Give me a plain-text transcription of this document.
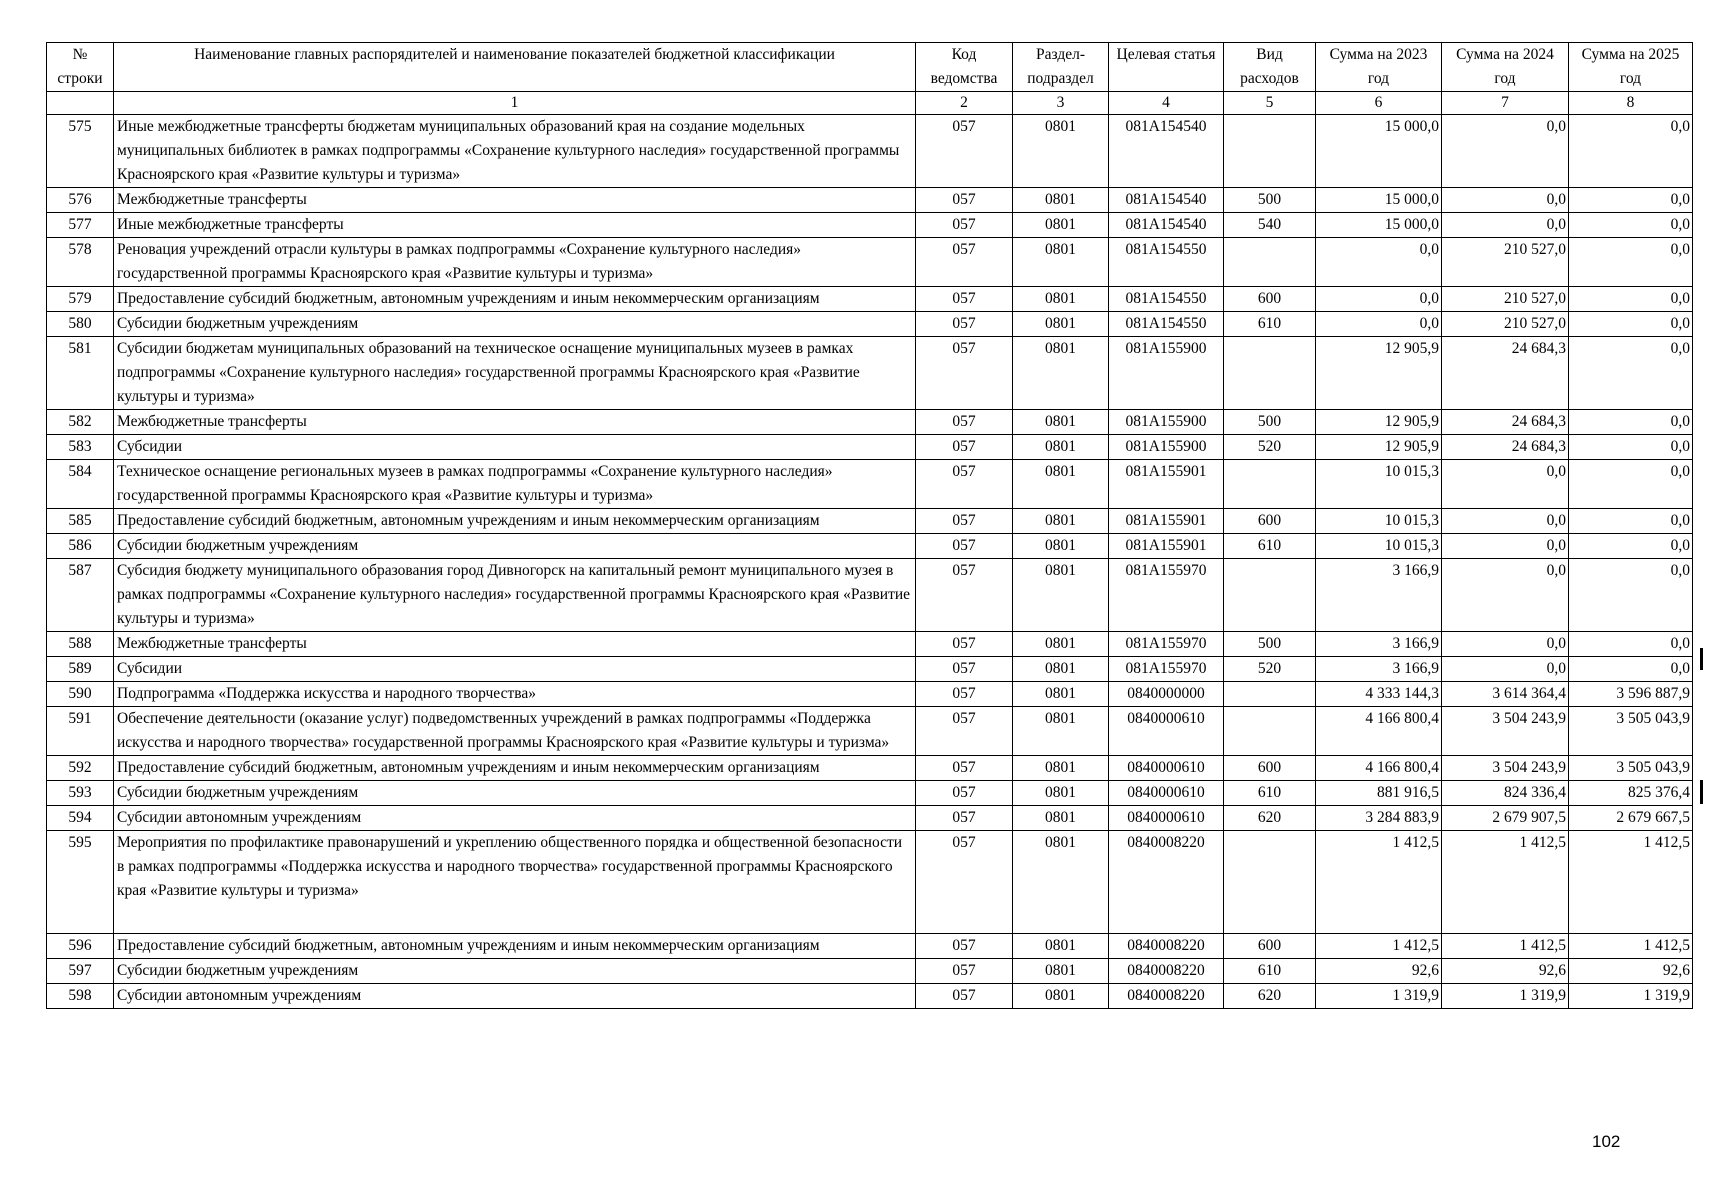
№ строки	Наименование главных распорядителей и наименование показателей бюджетной классификации	Код ведомства	Раздел-подраздел	Целевая статья	Вид расходов	Сумма на 2023 год	Сумма на 2024 год	Сумма на 2025 год
	1	2	3	4	5	6	7	8
575	Иные межбюджетные трансферты бюджетам муниципальных образований края на создание модельных муниципальных библиотек в рамках подпрограммы «Сохранение культурного наследия» государственной программы Красноярского края «Развитие культуры и туризма»	057	0801	081A154540		15 000,0	0,0	0,0
576	Межбюджетные трансферты	057	0801	081A154540	500	15 000,0	0,0	0,0
577	Иные межбюджетные трансферты	057	0801	081A154540	540	15 000,0	0,0	0,0
578	Реновация учреждений отрасли культуры в рамках подпрограммы «Сохранение культурного наследия» государственной программы Красноярского края «Развитие культуры и туризма»	057	0801	081A154550		0,0	210 527,0	0,0
579	Предоставление субсидий бюджетным, автономным учреждениям и иным некоммерческим организациям	057	0801	081A154550	600	0,0	210 527,0	0,0
580	Субсидии бюджетным учреждениям	057	0801	081A154550	610	0,0	210 527,0	0,0
581	Субсидии бюджетам муниципальных образований на техническое оснащение муниципальных музеев в рамках подпрограммы «Сохранение культурного наследия» государственной программы Красноярского края «Развитие культуры и туризма»	057	0801	081A155900		12 905,9	24 684,3	0,0
582	Межбюджетные трансферты	057	0801	081A155900	500	12 905,9	24 684,3	0,0
583	Субсидии	057	0801	081A155900	520	12 905,9	24 684,3	0,0
584	Техническое оснащение региональных музеев в рамках подпрограммы «Сохранение культурного наследия» государственной программы Красноярского края «Развитие культуры и туризма»	057	0801	081A155901		10 015,3	0,0	0,0
585	Предоставление субсидий бюджетным, автономным учреждениям и иным некоммерческим организациям	057	0801	081A155901	600	10 015,3	0,0	0,0
586	Субсидии бюджетным учреждениям	057	0801	081A155901	610	10 015,3	0,0	0,0
587	Субсидия бюджету муниципального образования город Дивногорск на капитальный ремонт муниципального музея в рамках подпрограммы «Сохранение культурного наследия» государственной программы Красноярского края «Развитие культуры и туризма»	057	0801	081A155970		3 166,9	0,0	0,0
588	Межбюджетные трансферты	057	0801	081A155970	500	3 166,9	0,0	0,0
589	Субсидии	057	0801	081A155970	520	3 166,9	0,0	0,0
590	Подпрограмма «Поддержка искусства и народного творчества»	057	0801	0840000000		4 333 144,3	3 614 364,4	3 596 887,9
591	Обеспечение деятельности (оказание услуг) подведомственных учреждений в рамках подпрограммы «Поддержка искусства и народного творчества» государственной программы Красноярского края «Развитие культуры и туризма»	057	0801	0840000610		4 166 800,4	3 504 243,9	3 505 043,9
592	Предоставление субсидий бюджетным, автономным учреждениям и иным некоммерческим организациям	057	0801	0840000610	600	4 166 800,4	3 504 243,9	3 505 043,9
593	Субсидии бюджетным учреждениям	057	0801	0840000610	610	881 916,5	824 336,4	825 376,4
594	Субсидии автономным учреждениям	057	0801	0840000610	620	3 284 883,9	2 679 907,5	2 679 667,5
595	Мероприятия по профилактике правонарушений и укреплению общественного порядка и общественной безопасности в рамках подпрограммы «Поддержка искусства и народного творчества» государственной программы Красноярского края «Развитие культуры и туризма»	057	0801	0840008220		1 412,5	1 412,5	1 412,5
596	Предоставление субсидий бюджетным, автономным учреждениям и иным некоммерческим организациям	057	0801	0840008220	600	1 412,5	1 412,5	1 412,5
597	Субсидии бюджетным учреждениям	057	0801	0840008220	610	92,6	92,6	92,6
598	Субсидии автономным учреждениям	057	0801	0840008220	620	1 319,9	1 319,9	1 319,9
102
